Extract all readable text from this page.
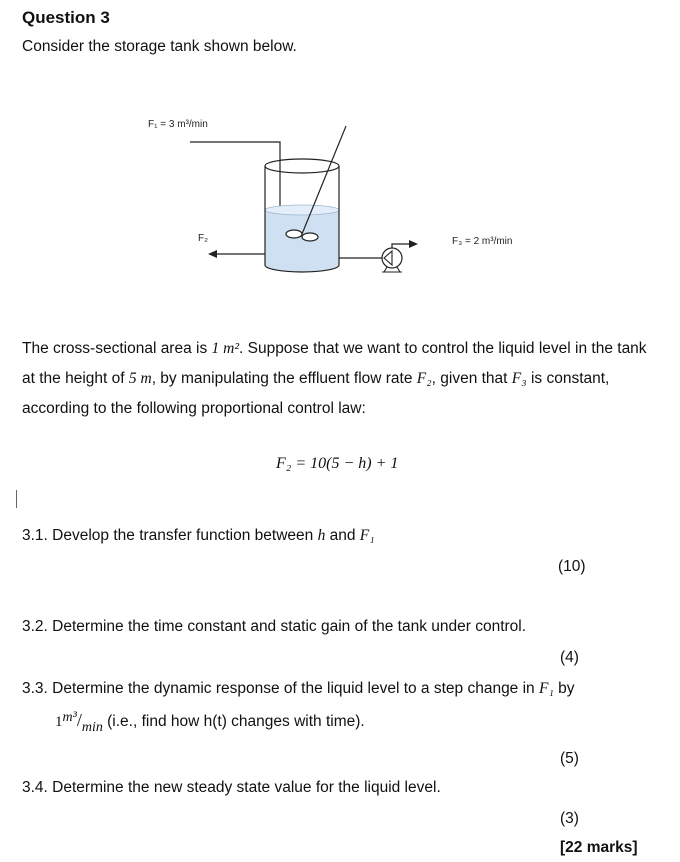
Question 3
Consider the storage tank shown below.
F₁ = 3 m³/min
F₂	F₃ = 2 m³/min
The cross-sectional area is 1 m². Suppose that we want to control the liquid level in the tank at the height of 5 m, by manipulating the effluent flow rate F₂, given that F₃ is constant, according to the following proportional control law:
F₂ = 10(5 − h) + 1
3.1. Develop the transfer function between h and F₁
(10)
3.2. Determine the time constant and static gain of the tank under control.
(4)
3.3. Determine the dynamic response of the liquid level to a step change in F₁ by
1m³/min (i.e., find how h(t) changes with time).
(5)
3.4. Determine the new steady state value for the liquid level.
(3)
[22 marks]
